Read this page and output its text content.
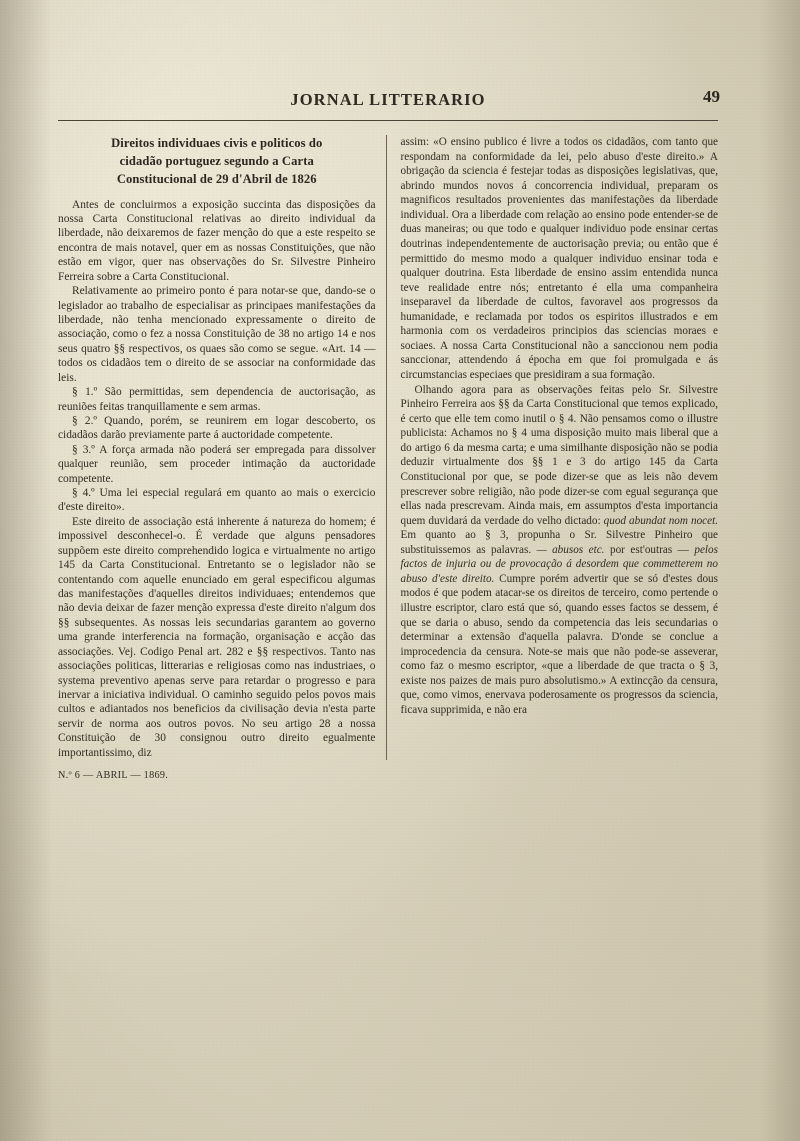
JORNAL LITTERARIO	49
Direitos individuaes civis e politicos do
cidadão portuguez segundo a Carta
Constitucional de 29 d'Abril de 1826

Antes de concluirmos a exposição succinta das disposições da nossa Carta Constitucional relativas ao direito individual da liberdade, não deixaremos de fazer menção do que a este respeito se encontra de mais notavel, quer em as nossas Constituições, que não estão em vigor, quer nas observações do Sr. Silvestre Pinheiro Ferreira sobre a Carta Constitucional.

Relativamente ao primeiro ponto é para notar-se que, dando-se o legislador ao trabalho de especialisar as principaes manifestações da liberdade, não tenha mencionado expressamente o direito de associação, como o fez a nossa Constituição de 38 no artigo 14 e nos seus quatro §§ respectivos, os quaes são como se segue. «Art. 14 — todos os cidadãos tem o direito de se associar na conformidade das leis.

§ 1.º São permittidas, sem dependencia de auctorisação, as reuniões feitas tranquillamente e sem armas.

§ 2.º Quando, porém, se reunirem em logar descoberto, os cidadãos darão previamente parte á auctoridade competente.

§ 3.º A força armada não poderá ser empregada para dissolver qualquer reunião, sem proceder intimação da auctoridade competente.

§ 4.º Uma lei especial regulará em quanto ao mais o exercicio d'este direito».

Este direito de associação está inherente á natureza do homem; é impossivel desconhecel-o. É verdade que alguns pensadores suppõem este direito comprehendido logica e virtualmente no artigo 145 da Carta Constitucional. Entretanto se o legislador não se contentando com aquelle enunciado em geral especificou algumas das manifestações d'aquelles direitos individuaes; entendemos que não devia deixar de fazer menção expressa d'este direito n'algum dos §§ subsequentes. As nossas leis secundarias garantem ao governo uma grande interferencia na formação, organisação e acção das associações. Vej. Codigo Penal art. 282 e §§ respectivos. Tanto nas associações politicas, litterarias e religiosas como nas industriaes, o systema preventivo apenas serve para retardar o progresso e para inervar a iniciativa individual. O caminho seguido pelos povos mais cultos e adiantados nos beneficios da civilisação devia n'esta parte servir de norma aos outros povos. No seu artigo 28 a nossa Constituição de 30 consignou outro direito egualmente importantissimo, diz

assim: «O ensino publico é livre a todos os cidadãos, com tanto que respondam na conformidade da lei, pelo abuso d'este direito.» A obrigação da sciencia é festejar todas as disposições legislativas, que, abrindo mundos novos á concorrencia individual, preparam os magnificos resultados provenientes das manifestações da liberdade individual. Ora a liberdade com relação ao ensino pode entender-se de duas maneiras; ou que todo e qualquer individuo pode ensinar certas doutrinas independentemente de auctorisação previa; ou então que é permittido do mesmo modo a qualquer individuo ensinar toda e qualquer doutrina. Esta liberdade de ensino assim entendida nunca teve realidade entre nós; entretanto é ella uma companheira inseparavel da liberdade de cultos, favoravel aos progressos da humanidade, e reclamada por todos os espiritos illustrados e em harmonia com os verdadeiros principios das sciencias moraes e sociaes. A nossa Carta Constitucional não a sanccionou nem podia sanccionar, attendendo á épocha em que foi promulgada e ás circumstancias especiaes que presidiram a sua formação.

Olhando agora para as observações feitas pelo Sr. Silvestre Pinheiro Ferreira aos §§ da Carta Constitucional que temos explicado, é certo que elle tem como inutil o § 4. Não pensamos como o illustre publicista: Achamos no § 4 uma disposição muito mais liberal que a do artigo 6 da mesma carta; e uma similhante disposição não se podia deduzir virtualmente dos §§ 1 e 3 do artigo 145 da Carta Constitucional por que, se pode dizer-se que as leis não devem prescrever sobre religião, não pode dizer-se com egual segurança que ellas nada prescrevam. Ainda mais, em assumptos d'esta importancia quem duvidará da verdade do velho dictado: quod abundat nom nocet. Em quanto ao § 3, propunha o Sr. Silvestre Pinheiro que substituissemos as palavras. — abusos etc. por est'outras — pelos factos de injuria ou de provocação á desordem que commetterem no abuso d'este direito. Cumpre porém advertir que se só d'estes dous modos é que podem atacar-se os direitos de terceiro, como pertende o illustre escriptor, claro está que só, quando esses factos se dessem, é que se daria o abuso, sendo da competencia das leis secundarias o determinar a extensão d'aquella palavra. D'onde se conclue a improcedencia da censura. Note-se mais que não pode-se asseverar, como faz o mesmo escriptor, «que a liberdade de que tracta o § 3, existe nos paizes de mais puro absolutismo.» A extincção da censura, que, como vimos, enervava poderosamente os progressos da sciencia, ficava supprimida, e não era

N.º 6 — ABRIL — 1869.
